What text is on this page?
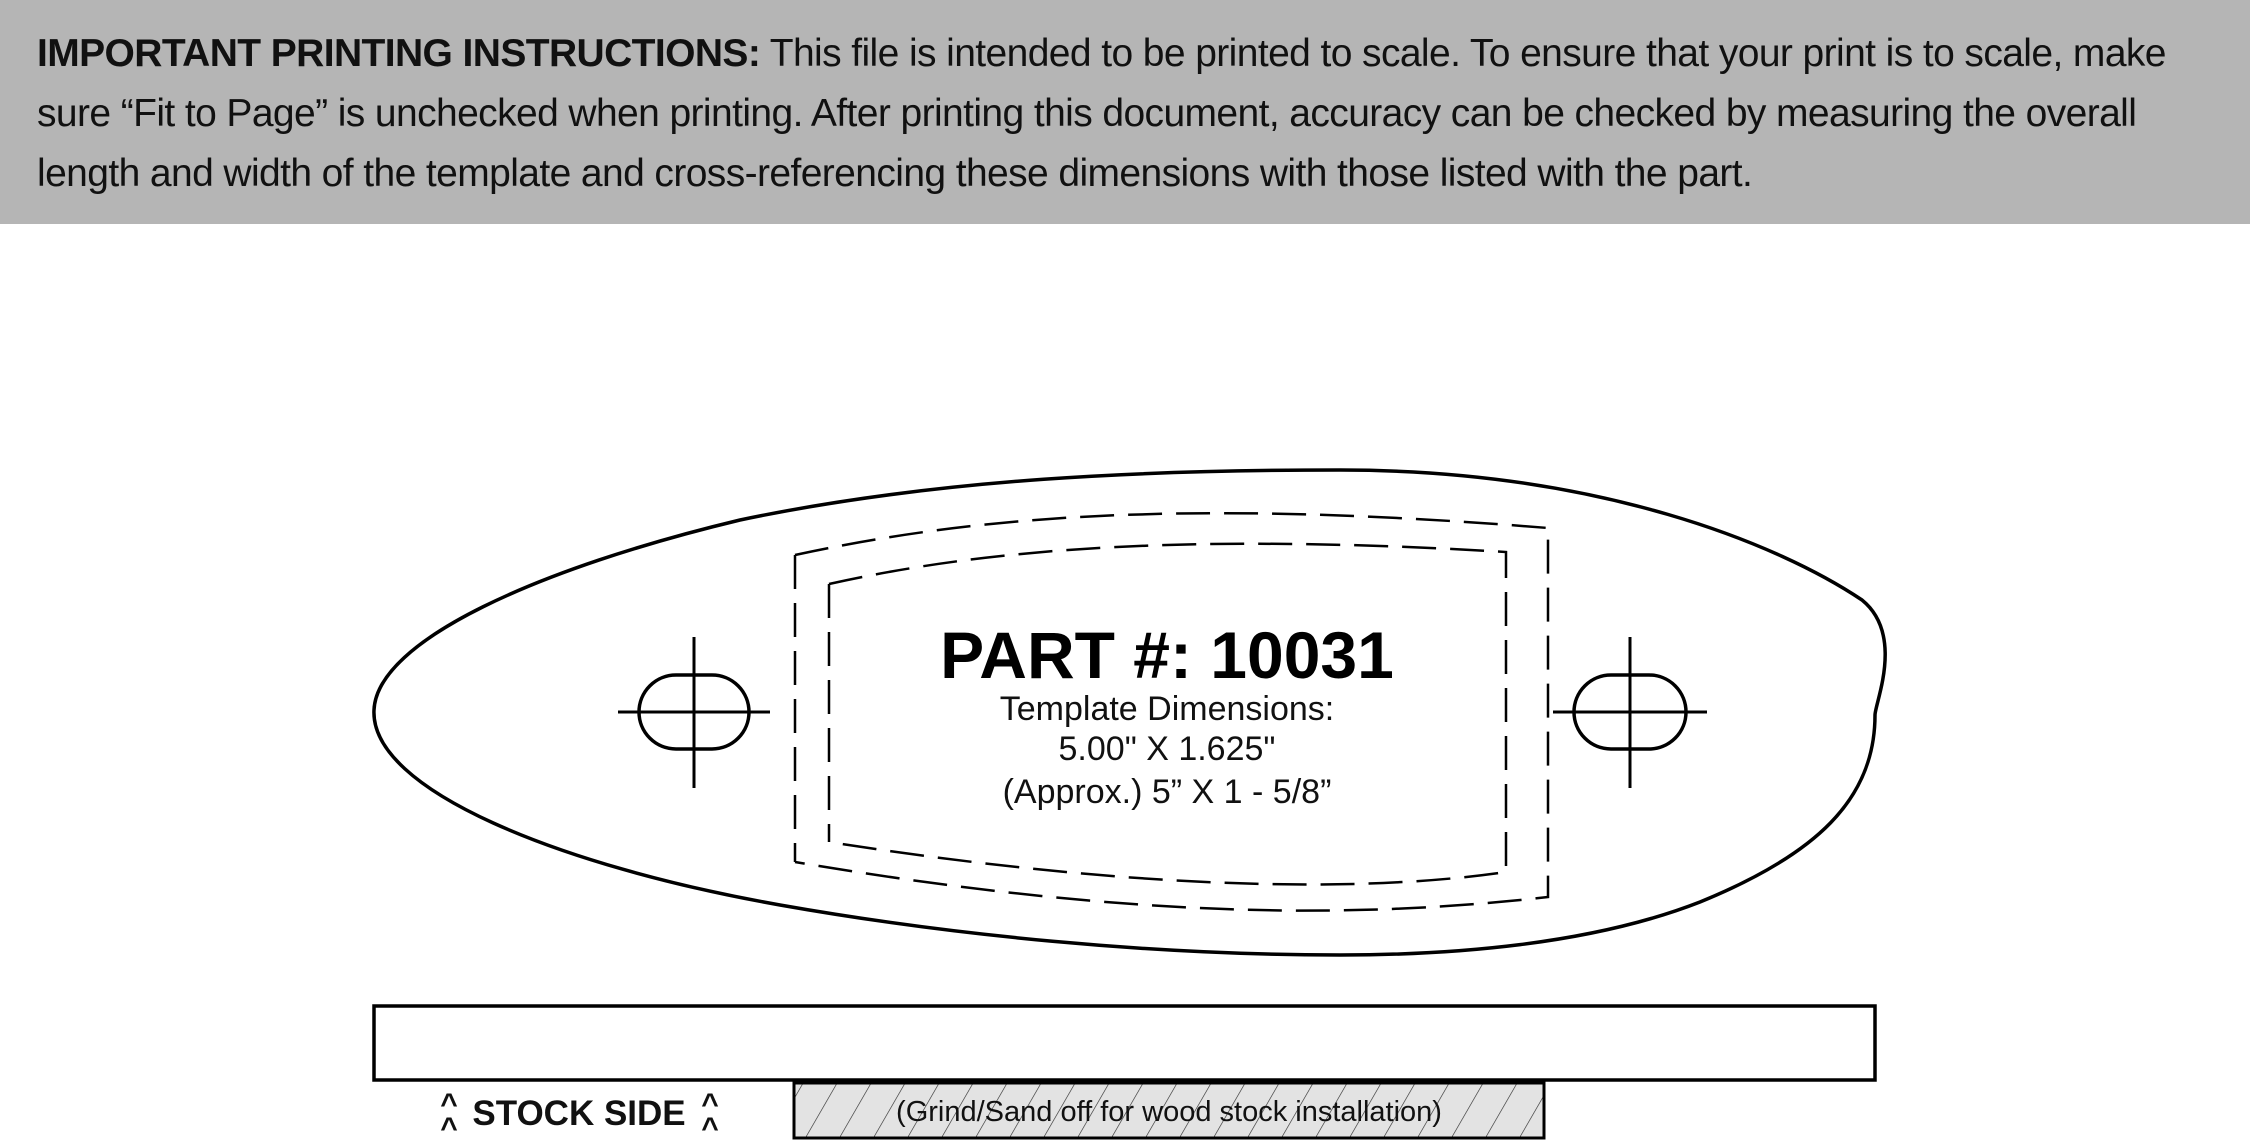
IMPORTANT PRINTING INSTRUCTIONS: This file is intended to be printed to scale. To ensure that your print is to scale, make sure “Fit to Page” is unchecked when printing. After printing this document, accuracy can be checked by measuring the overall length and width of the template and cross-referencing these dimensions with those listed with the part.
PART #: 10031
Template Dimensions:
5.00" X 1.625"
(Approx.) 5” X 1 - 5/8”
(Grind/Sand off for wood stock installation)
^
^ STOCK SIDE ^
^
